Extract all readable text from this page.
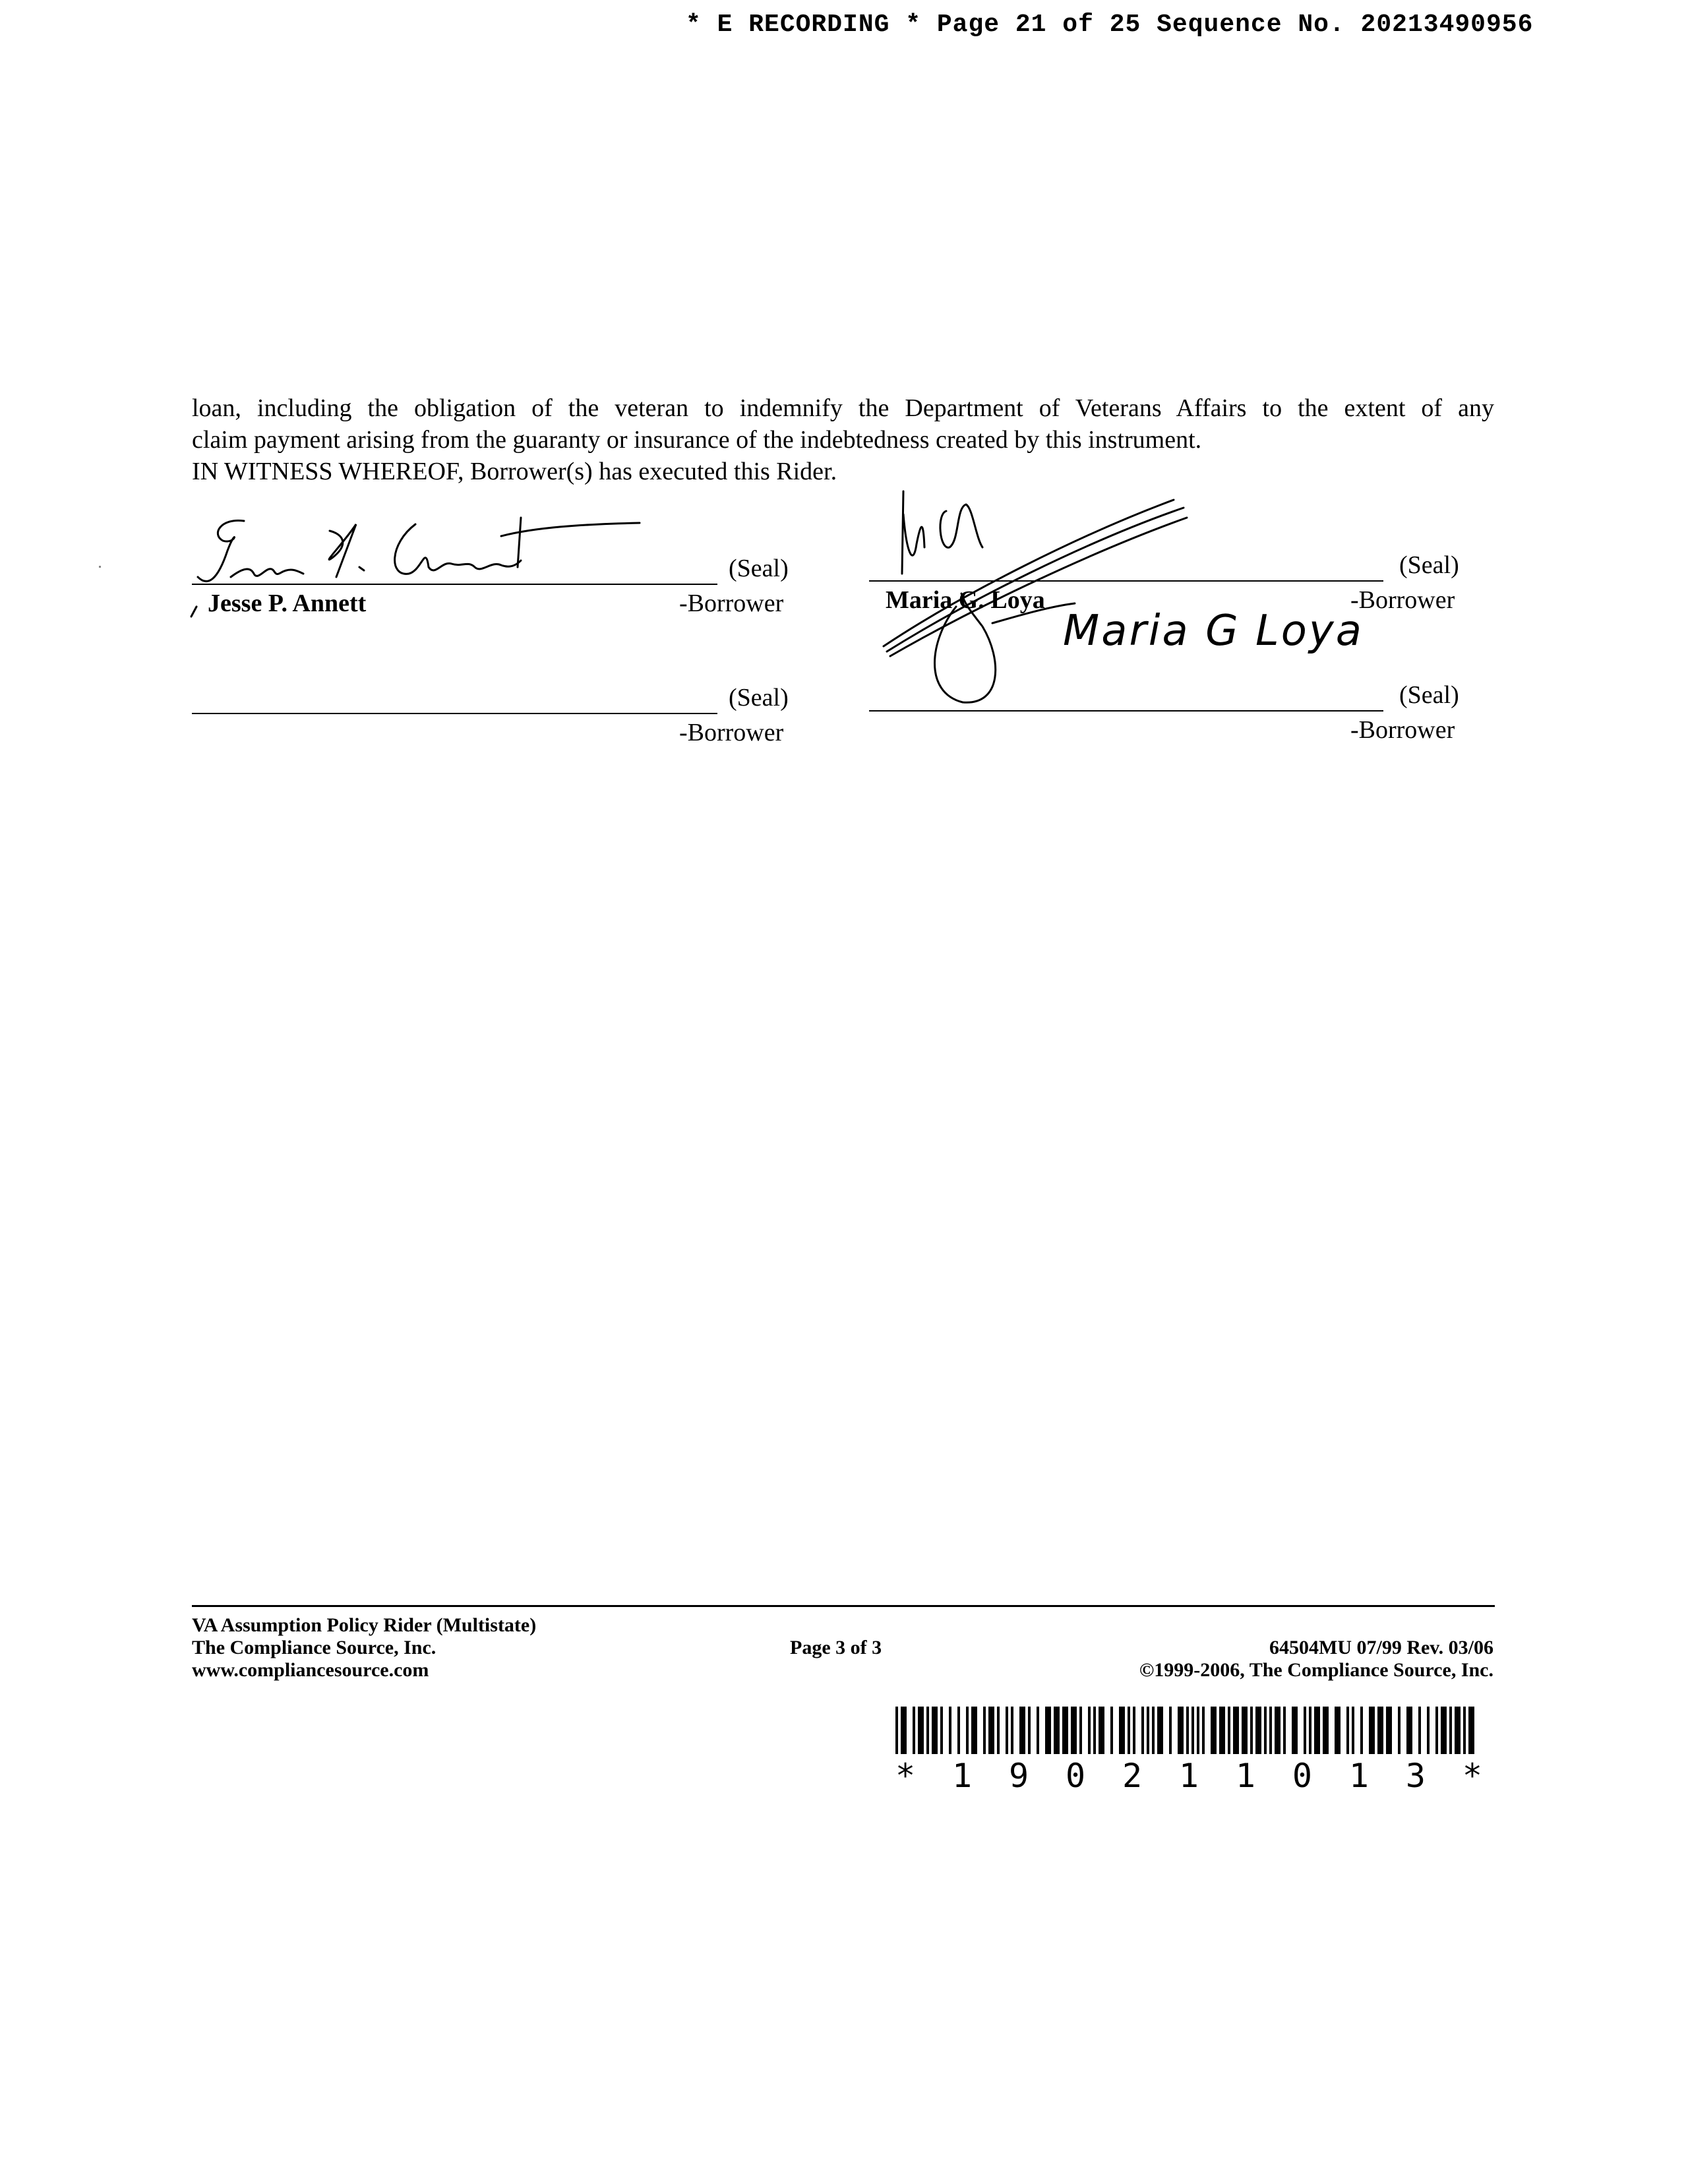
* E RECORDING * Page 21 of 25 Sequence No. 20213490956

loan, including the obligation of the veteran to indemnify the Department of Veterans Affairs to the extent of any

claim payment arising from the guaranty or insurance of the indebtedness created by this instrument.

IN WITNESS WHEREOF, Borrower(s) has executed this Rider.

(Seal)
Jesse P. Annett	-Borrower
(Seal)
Maria G. Loya	-Borrower
Maria G Loya
(Seal)
-Borrower
(Seal)
-Borrower
VA Assumption Policy Rider (Multistate)
The Compliance Source, Inc.
www.compliancesource.com
Page 3 of 3	64504MU 07/99 Rev. 03/06
©1999-2006, The Compliance Source, Inc.
* 1 9 0 2 1 1 0 1 3 *
